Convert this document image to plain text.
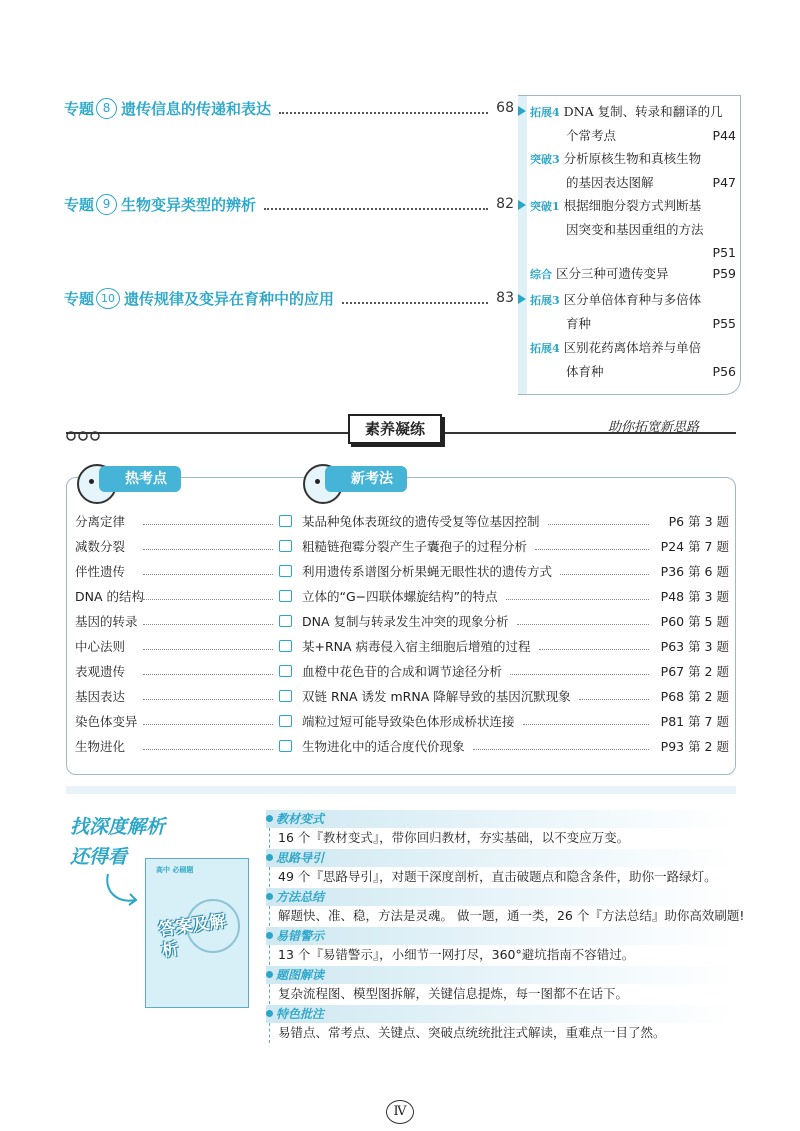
专题 8 遗传信息的传递和表达	68
专题 9 生物变异类型的辨析	82
专题 10 遗传规律及变异在育种中的应用	83
拓展4 DNA 复制、转录和翻译的几
个常考点	P44
突破3 分析原核生物和真核生物
的基因表达图解	P47
突破1 根据细胞分裂方式判断基
因突变和基因重组的方法

P51
综合 区分三种可遗传变异	P59
拓展3 区分单倍体育种与多倍体
育种	P55
拓展4 区别花药离体培养与单倍
体育种	P56
素养凝练	助你拓宽新思路
热考点	新考法
分离定律	某品种兔体表斑纹的遗传受复等位基因控制	P6 第 3 题
减数分裂	粗糙链孢霉分裂产生子囊孢子的过程分析	P24 第 7 题
伴性遗传	利用遗传系谱图分析果蝇无眼性状的遗传方式	P36 第 6 题
DNA 的结构	立体的“G−四联体螺旋结构”的特点	P48 第 3 题
基因的转录	DNA 复制与转录发生冲突的现象分析	P60 第 5 题
中心法则	某+RNA 病毒侵入宿主细胞后增殖的过程	P63 第 3 题
表观遗传	血橙中花色苷的合成和调节途径分析	P67 第 2 题
基因表达	双链 RNA 诱发 mRNA 降解导致的基因沉默现象	P68 第 2 题
染色体变异	端粒过短可能导致染色体形成桥状连接	P81 第 7 题
生物进化	生物进化中的适合度代价现象	P93 第 2 题
找深度解析
还得看
高中 必刷题
答案及解析
教材变式
16 个『教材变式』，带你回归教材，夯实基础，以不变应万变。
思路导引
49 个『思路导引』，对题干深度剖析，直击破题点和隐含条件，助你一路绿灯。
方法总结
解题快、准、稳，方法是灵魂。 做一题，通一类，26 个『方法总结』助你高效刷题!
易错警示
13 个『易错警示』，小细节一网打尽，360°避坑指南不容错过。
题图解读
复杂流程图、模型图拆解，关键信息提炼，每一图都不在话下。
特色批注
易错点、常考点、关键点、突破点统统批注式解读，重难点一目了然。
Ⅳ
